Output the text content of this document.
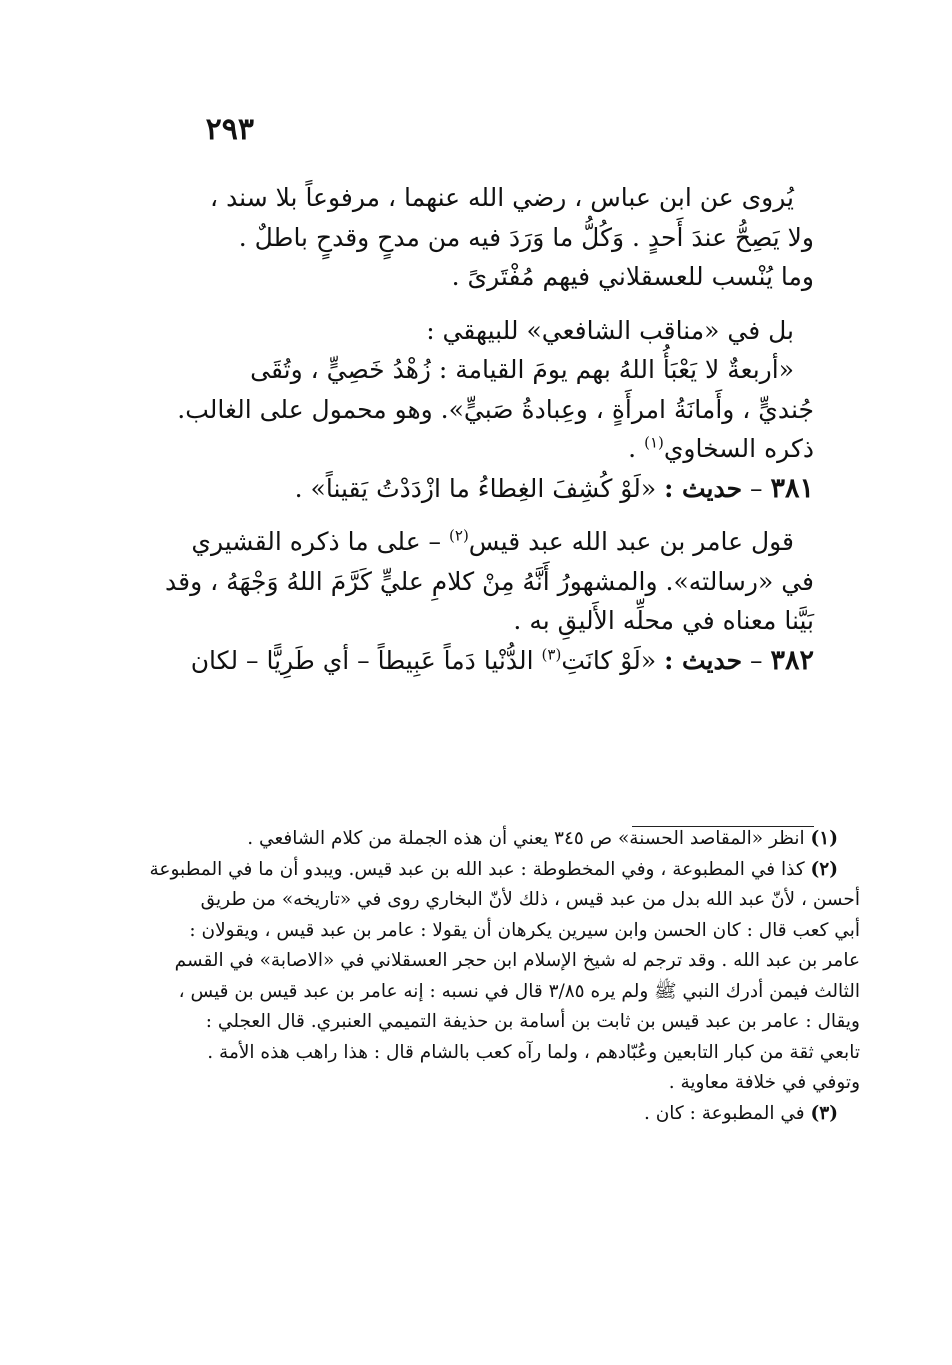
٢٩٣

يُروى عن ابن عباس ، رضي الله عنهما ، مرفوعاً بلا سند ،

ولا يَصِحُّ عندَ أَحدٍ . وَكُلُّ ما وَرَدَ فيه من مدحٍ وقدحٍ باطلٌ .

وما يُنْسب للعسقلاني فيهم مُفْتَرىً .

بل في «مناقب الشافعي» للبيهقي :

«أربعةٌ لا يَعْبَأُ اللهُ بهم يومَ القيامة : زُهْدُ خَصِيٍّ ، وتُقَى

جُنديٍّ ، وأَمانَةُ امرأَةٍ ، وعِبادةُ صَبيٍّ». وهو محمول على الغالب.

ذكره السخاوي$^{(١)}$ .

٣٨١ – حديث : «لَوْ كُشِفَ الغِطاءُ ما ازْدَدْتُ يَقيناً» .

قول عامر بن عبد الله عبد قيس$^{(٢)}$ – على ما ذكره القشيري

في «رسالته». والمشهورُ أَنَّهُ مِنْ كلامِ عليٍّ كَرَّمَ اللهُ وَجْهَهُ ، وقد

بَيَّنا معناه في محلِّه الأَليقِ به .

٣٨٢ – حديث : «لَوْ كانَتِ$^{(٣)}$ الدُّنْيا دَماً عَبِيطاً – أي طَرِيًّا – لكان

(١) انظر «المقاصد الحسنة» ص ٣٤٥ يعني أن هذه الجملة من كلام الشافعي .

(٢) كذا في المطبوعة ، وفي المخطوطة : عبد الله بن عبد قيس. ويبدو أن ما في المطبوعة

أحسن ، لأنّ عبد الله بدل من عبد قيس ، ذلك لأنّ البخاري روى في «تاريخه» من طريق

أبي كعب قال : كان الحسن وابن سيرين يكرهان أن يقولا : عامر بن عبد قيس ، ويقولان :

عامر بن عبد الله . وقد ترجم له شيخ الإسلام ابن حجر العسقلاني في «الاصابة» في القسم

الثالث فيمن أدرك النبي ﷺ ولم يره ٣/٨٥ قال في نسبه : إنه عامر بن عبد قيس بن قيس ،

ويقال : عامر بن عبد قيس بن ثابت بن أسامة بن حذيفة التميمي العنبري. قال العجلي :

تابعي ثقة من كبار التابعين وعُبّادهم ، ولما رآه كعب بالشام قال : هذا راهب هذه الأمة .

وتوفي في خلافة معاوية .

(٣) في المطبوعة : كان .
